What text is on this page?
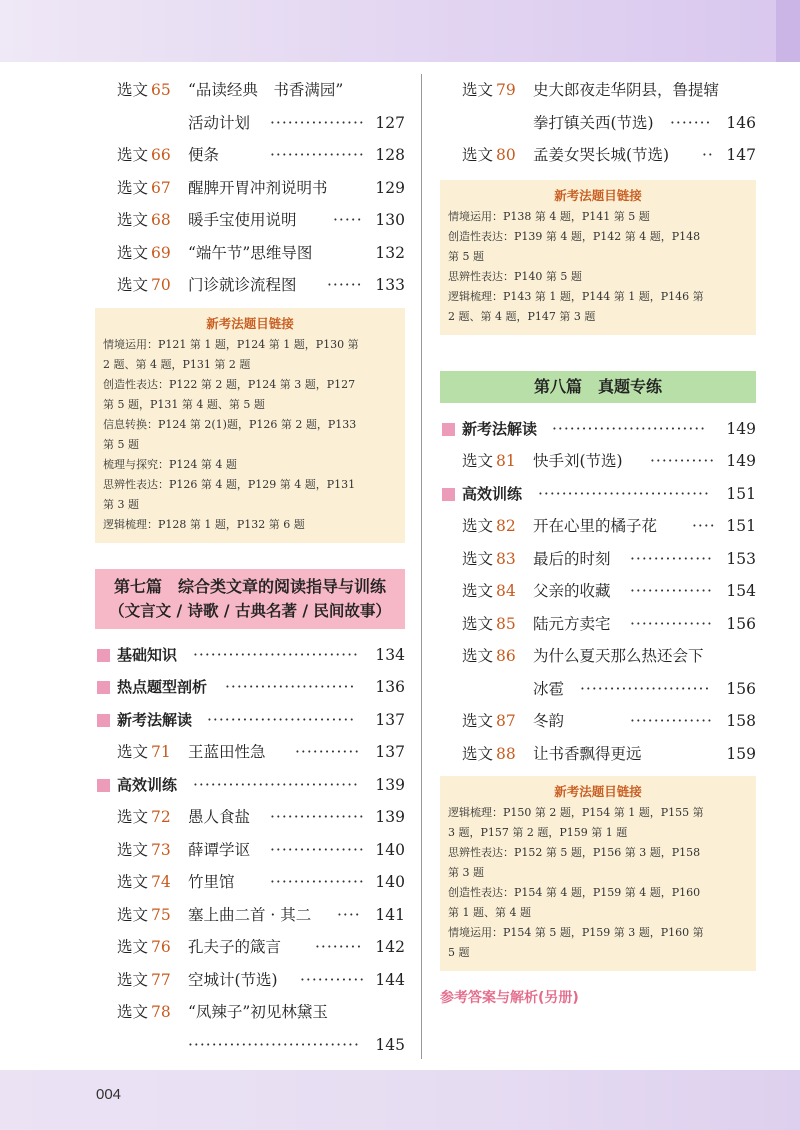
选文 65 “品读经典　书香满园”
活动计划 ················ 127
选文 66 便条	················ 128
选文 67 醒脾开胃冲剂说明书	129
选文 68 暖手宝使用说明 ····· 130
选文 69 “端午节”思维导图	132
选文 70 门诊就诊流程图 ······ 133
新考法题目链接
情境运用：P121 第 1 题，P124 第 1 题，P130 第
2 题、第 4 题，P131 第 2 题
创造性表达：P122 第 2 题，P124 第 3 题，P127
第 5 题，P131 第 4 题、第 5 题
信息转换：P124 第 2(1)题，P126 第 2 题，P133
第 5 题
梳理与探究：P124 第 4 题
思辨性表达：P126 第 4 题，P129 第 4 题，P131
第 3 题
逻辑梳理：P128 第 1 题，P132 第 6 题
第七篇　综合类文章的阅读指导与训练
（文言文 / 诗歌 / 古典名著 / 民间故事）
基础知识 ····························	134
热点题型剖析 ······················	136
新考法解读 ·························	137
选文 71 王蓝田性急 ··········· 137
高效训练 ····························	139
选文 72 愚人食盐 ················ 139
选文 73 薛谭学讴 ················ 140
选文 74 竹里馆 ················ 140
选文 75 塞上曲二首 · 其二 ···· 141
选文 76 孔夫子的箴言 ········ 142
选文 77 空城计(节选) ··········· 144
选文 78 “凤辣子”初见林黛玉
·····························	145
选文 79 史大郎夜走华阴县，鲁提辖
拳打镇关西(节选) ······· 146
选文 80 孟姜女哭长城(节选) ·· 147
新考法题目链接
情境运用：P138 第 4 题，P141 第 5 题
创造性表达：P139 第 4 题，P142 第 4 题，P148
第 5 题
思辨性表达：P140 第 5 题
逻辑梳理：P143 第 1 题，P144 第 1 题，P146 第
2 题、第 4 题，P147 第 3 题
第八篇　真题专练
新考法解读 ··························	149
选文 81 快手刘(节选) ··········· 149
高效训练 ·····························	151
选文 82 开在心里的橘子花 ···· 151
选文 83 最后的时刻 ·············· 153
选文 84 父亲的收藏 ·············· 154
选文 85 陆元方卖宅 ·············· 156
选文 86 为什么夏天那么热还会下
冰雹 ······················	156
选文 87 冬韵	·············· 158
选文 88 让书香飘得更远	159
新考法题目链接
逻辑梳理：P150 第 2 题，P154 第 1 题，P155 第
3 题，P157 第 2 题，P159 第 1 题
思辨性表达：P152 第 5 题，P156 第 3 题，P158
第 3 题
创造性表达：P154 第 4 题，P159 第 4 题，P160
第 1 题、第 4 题
情境运用：P154 第 5 题，P159 第 3 题，P160 第
5 题
参考答案与解析(另册)
004
